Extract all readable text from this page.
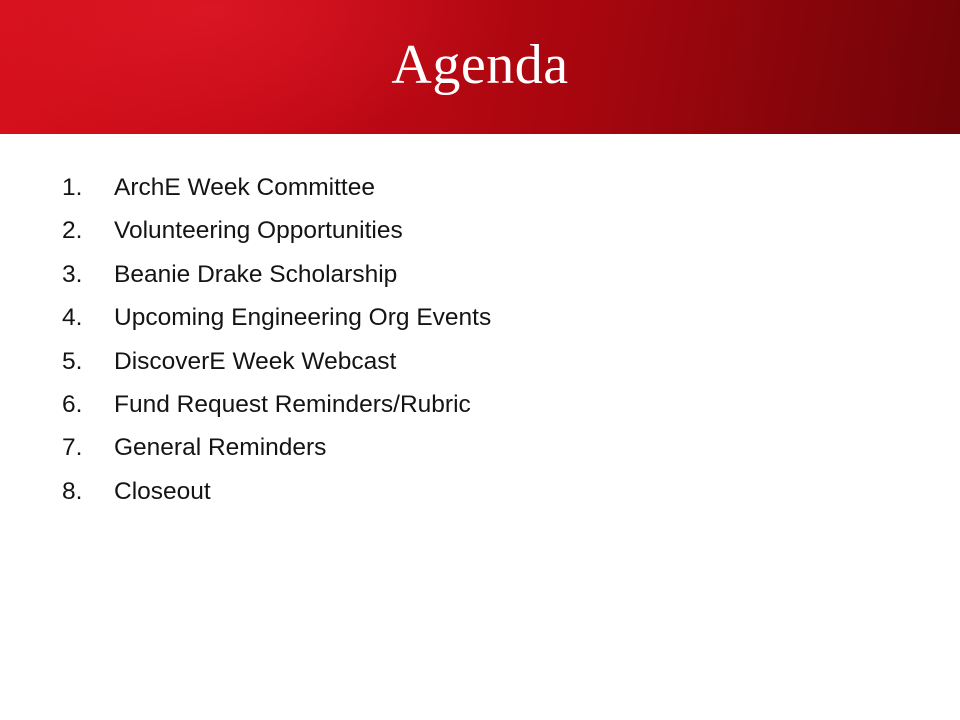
Agenda
1. ArchE Week Committee
2. Volunteering Opportunities
3. Beanie Drake Scholarship
4. Upcoming Engineering Org Events
5. DiscoverE Week Webcast
6. Fund Request Reminders/Rubric
7. General Reminders
8. Closeout
